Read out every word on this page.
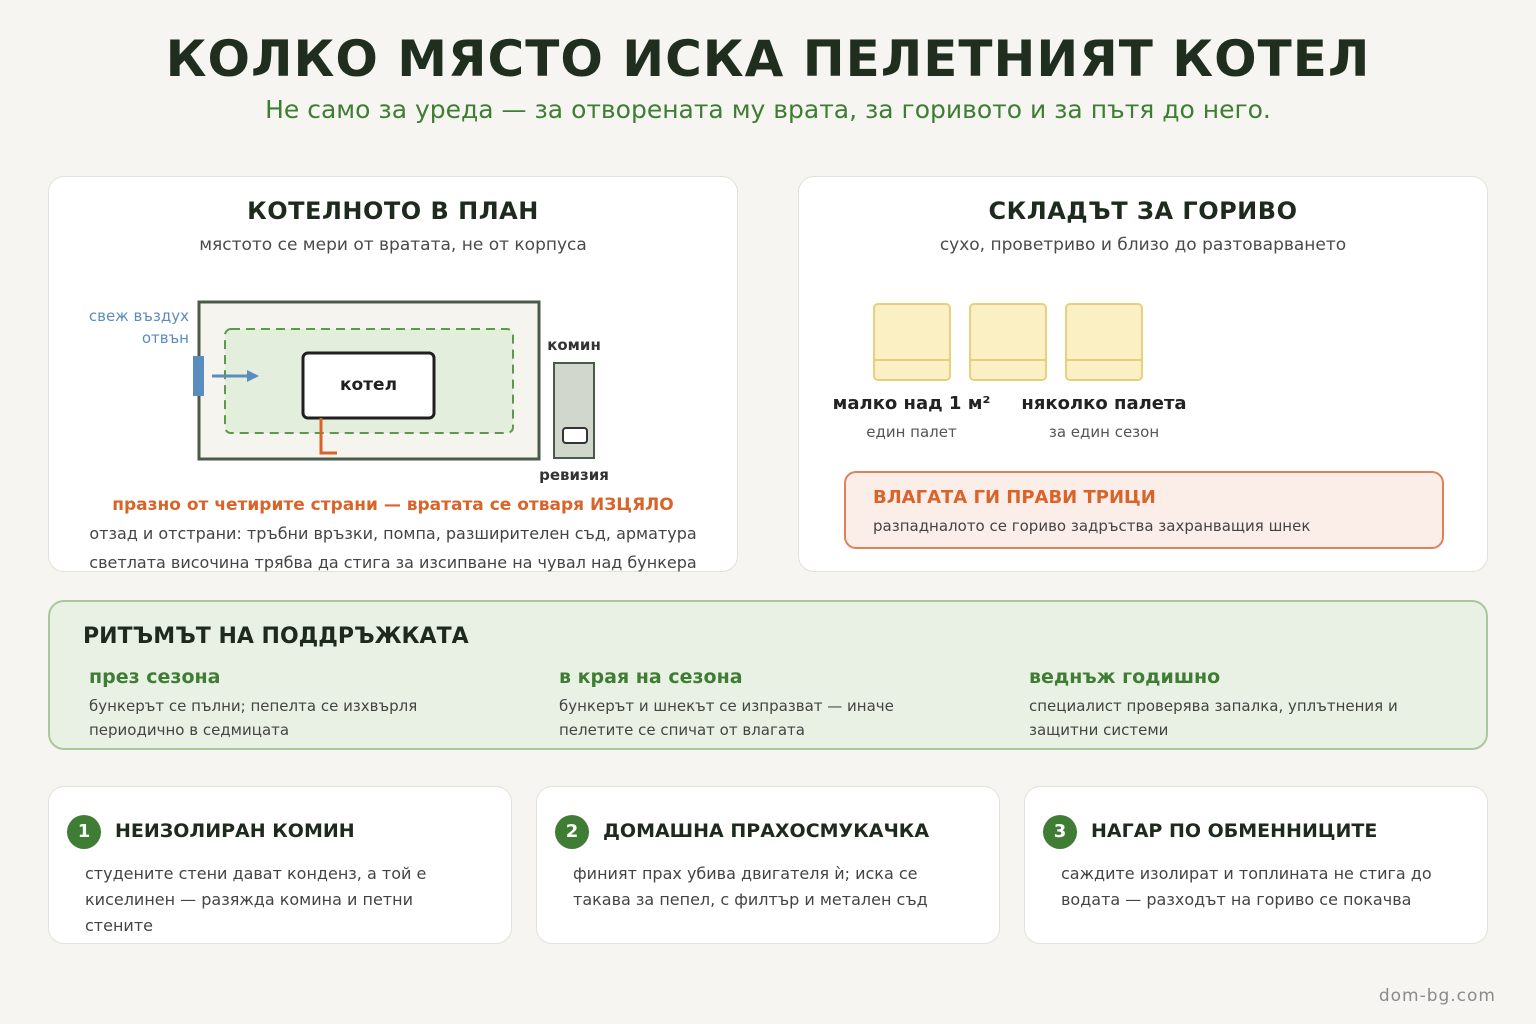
КОЛКО МЯСТО ИСКА ПЕЛЕТНИЯТ КОТЕЛ
Не само за уреда — за отворената му врата, за горивото и за пътя до него.
КОТЕЛНОТО В ПЛАН
мястото се мери от вратата, не от корпуса
свеж въздух
отвън
котел
комин
ревизия
празно от четирите страни — вратата се отваря ИЗЦЯЛО
отзад и отстрани: тръбни връзки, помпа, разширителен съд, арматура
светлата височина трябва да стига за изсипване на чувал над бункера
СКЛАДЪТ ЗА ГОРИВО
сухо, проветриво и близо до разтоварването
малко над 1 м²
един палет
няколко палета
за един сезон
ВЛАГАТА ГИ ПРАВИ ТРИЦИ
разпадналото се гориво задръства захранващия шнек
РИТЪМЪТ НА ПОДДРЪЖКАТА
през сезона
бункерът се пълни; пепелта се изхвърля периодично в седмицата
в края на сезона
бункерът и шнекът се изпразват — иначе пелетите се спичат от влагата
веднъж годишно
специалист проверява запалка, уплътнения и защитни системи
1	НЕИЗОЛИРАН КОМИН
студените стени дават конденз, а той е киселинен — разяжда комина и петни стените
2	ДОМАШНА ПРАХОСМУКАЧКА
финият прах убива двигателя ѝ; иска се такава за пепел, с филтър и метален съд
3	НАГАР ПО ОБМЕННИЦИТЕ
саждите изолират и топлината не стига до водата — разходът на гориво се покачва
dom-bg.com
